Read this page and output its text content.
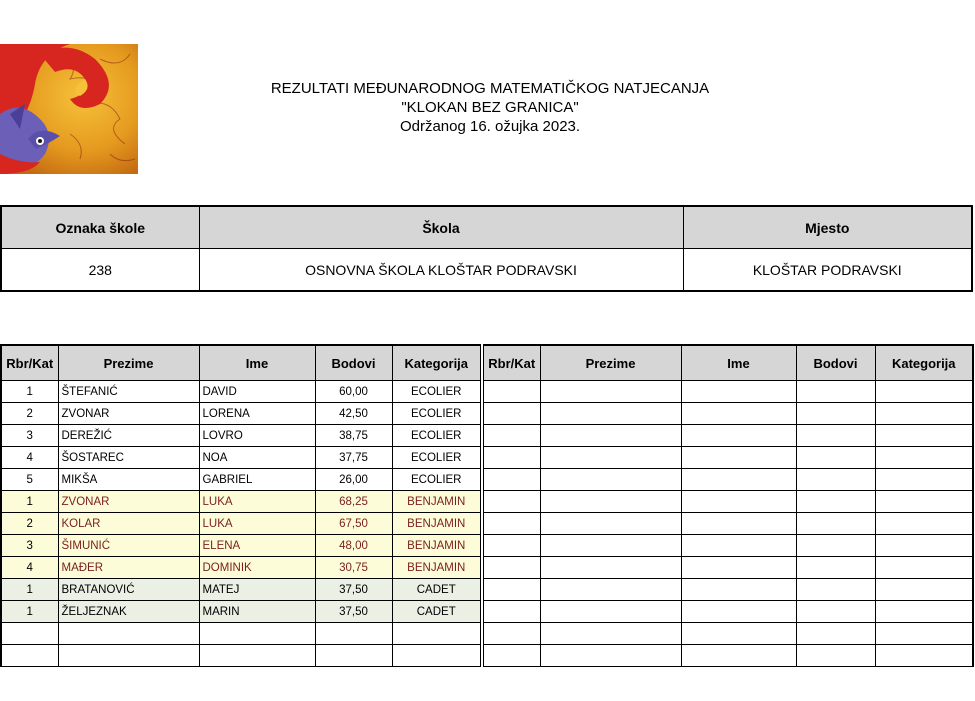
REZULTATI MEĐUNARODNOG MATEMATIČKOG NATJECANJA
"KLOKAN BEZ GRANICA"
Održanog 16. ožujka 2023.
Oznaka škole	Škola	Mjesto
238	OSNOVNA ŠKOLA KLOŠTAR PODRAVSKI	KLOŠTAR PODRAVSKI
Rbr/Kat	Prezime	Ime	Bodovi	Kategorija	Rbr/Kat	Prezime	Ime	Bodovi	Kategorija
1	ŠTEFANIĆ	DAVID	60,00	ECOLIER					
2	ZVONAR	LORENA	42,50	ECOLIER					
3	DEREŽIĆ	LOVRO	38,75	ECOLIER					
4	ŠOSTAREC	NOA	37,75	ECOLIER					
5	MIKŠA	GABRIEL	26,00	ECOLIER					
1	ZVONAR	LUKA	68,25	BENJAMIN					
2	KOLAR	LUKA	67,50	BENJAMIN					
3	ŠIMUNIĆ	ELENA	48,00	BENJAMIN					
4	MAĐER	DOMINIK	30,75	BENJAMIN					
1	BRATANOVIĆ	MATEJ	37,50	CADET					
1	ŽELJEZNAK	MARIN	37,50	CADET					
